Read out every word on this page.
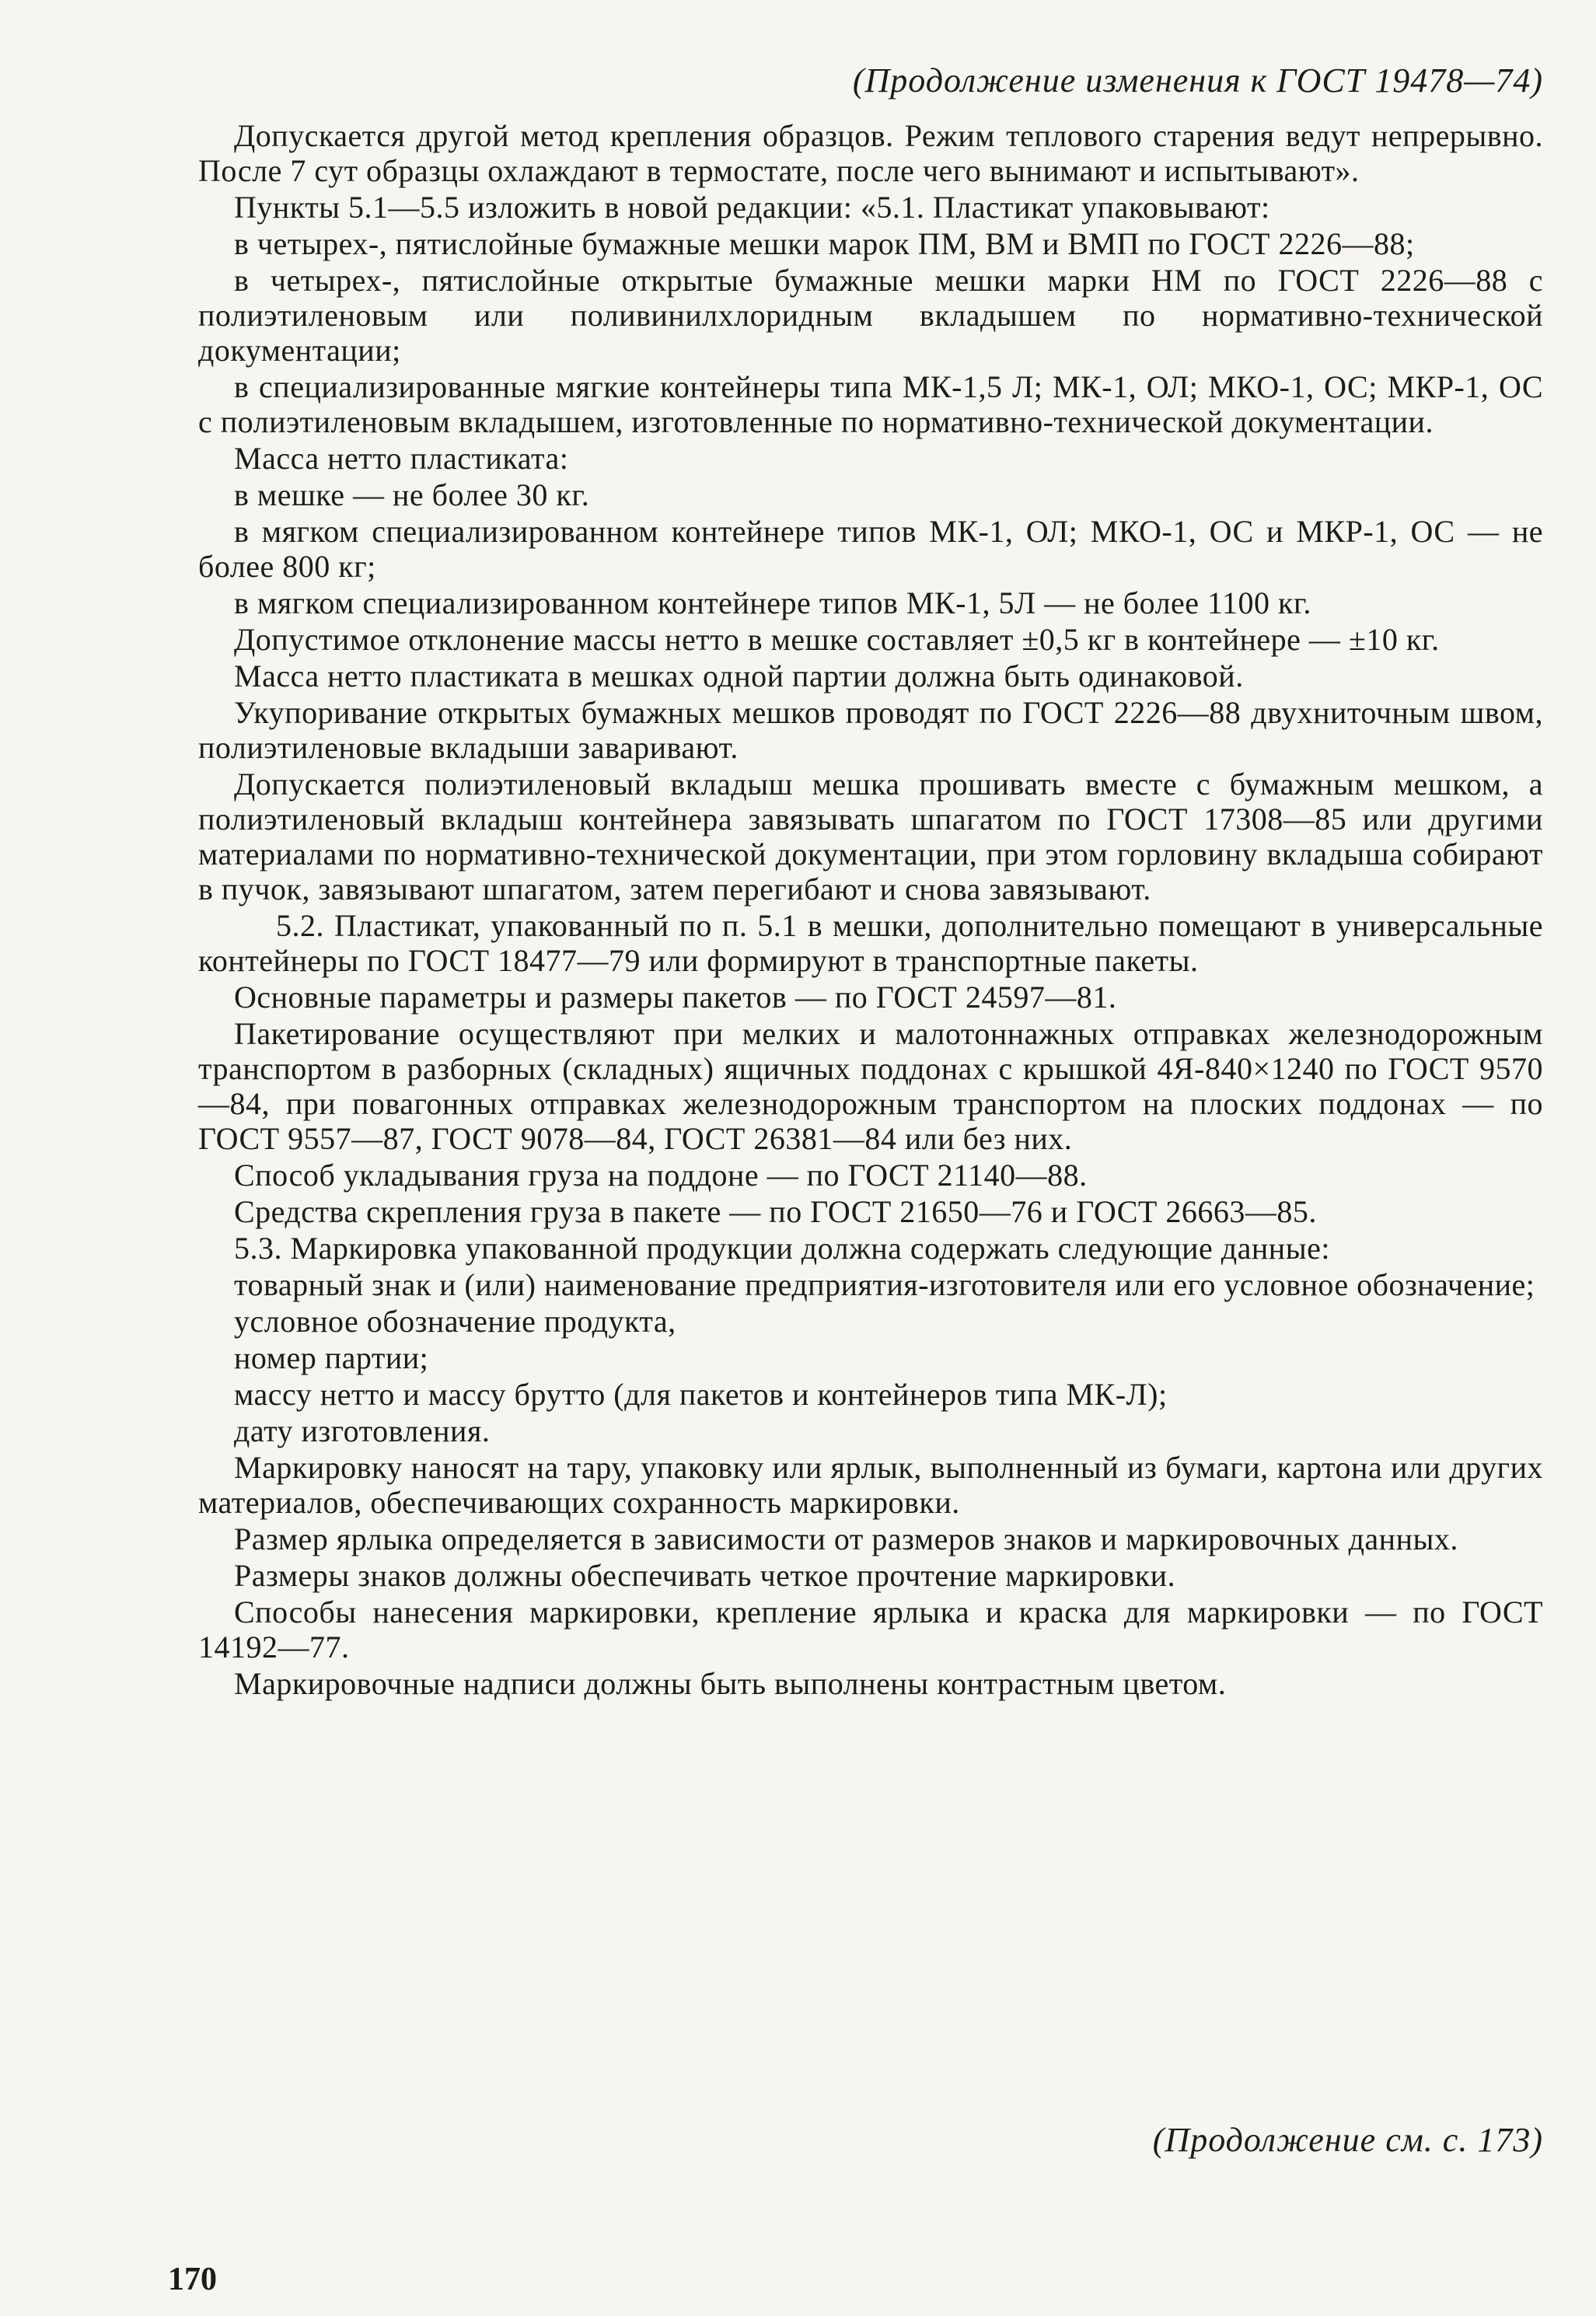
(Продолжение изменения к ГОСТ 19478—74)

Допускается другой метод крепления образцов. Режим теплового старения ведут непрерывно. После 7 сут образцы охлаждают в термостате, после чего вынимают и испытывают».

Пункты 5.1—5.5 изложить в новой редакции: «5.1. Пластикат упаковывают:

в четырех-, пятислойные бумажные мешки марок ПМ, ВМ и ВМП по ГОСТ 2226—88;

в четырех-, пятислойные открытые бумажные мешки марки НМ по ГОСТ 2226—88 с полиэтиленовым или поливинилхлоридным вкладышем по нормативно-технической документации;

в специализированные мягкие контейнеры типа МК-1,5 Л; МК-1, ОЛ; МКО-1, ОС; МКР-1, ОС с полиэтиленовым вкладышем, изготовленные по нормативно-технической документации.

Масса нетто пластиката:

в мешке — не более 30 кг.

в мягком специализированном контейнере типов МК-1, ОЛ; МКО-1, ОС и МКР-1, ОС — не более 800 кг;

в мягком специализированном контейнере типов МК-1, 5Л — не более 1100 кг.

Допустимое отклонение массы нетто в мешке составляет ±0,5 кг в контейнере — ±10 кг.

Масса нетто пластиката в мешках одной партии должна быть одинаковой.

Укупоривание открытых бумажных мешков проводят по ГОСТ 2226—88 двухниточным швом, полиэтиленовые вкладыши заваривают.

Допускается полиэтиленовый вкладыш мешка прошивать вместе с бумажным мешком, а полиэтиленовый вкладыш контейнера завязывать шпагатом по ГОСТ 17308—85 или другими материалами по нормативно-технической документации, при этом горловину вкладыша собирают в пучок, завязывают шпагатом, затем перегибают и снова завязывают.

5.2. Пластикат, упакованный по п. 5.1 в мешки, дополнительно помещают в универсальные контейнеры по ГОСТ 18477—79 или формируют в транспортные пакеты.

Основные параметры и размеры пакетов — по ГОСТ 24597—81.

Пакетирование осуществляют при мелких и малотоннажных отправках железнодорожным транспортом в разборных (складных) ящичных поддонах с крышкой 4Я-840×1240 по ГОСТ 9570—84, при повагонных отправках железнодорожным транспортом на плоских поддонах — по ГОСТ 9557—87, ГОСТ 9078—84, ГОСТ 26381—84 или без них.

Способ укладывания груза на поддоне — по ГОСТ 21140—88.

Средства скрепления груза в пакете — по ГОСТ 21650—76 и ГОСТ 26663—85.

5.3. Маркировка упакованной продукции должна содержать следующие данные:

товарный знак и (или) наименование предприятия-изготовителя или его условное обозначение;

условное обозначение продукта,

номер партии;

массу нетто и массу брутто (для пакетов и контейнеров типа МК-Л);

дату изготовления.

Маркировку наносят на тару, упаковку или ярлык, выполненный из бумаги, картона или других материалов, обеспечивающих сохранность маркировки.

Размер ярлыка определяется в зависимости от размеров знаков и маркировочных данных.

Размеры знаков должны обеспечивать четкое прочтение маркировки.

Способы нанесения маркировки, крепление ярлыка и краска для маркировки — по ГОСТ 14192—77.

Маркировочные надписи должны быть выполнены контрастным цветом.

(Продолжение см. с. 173)
170
